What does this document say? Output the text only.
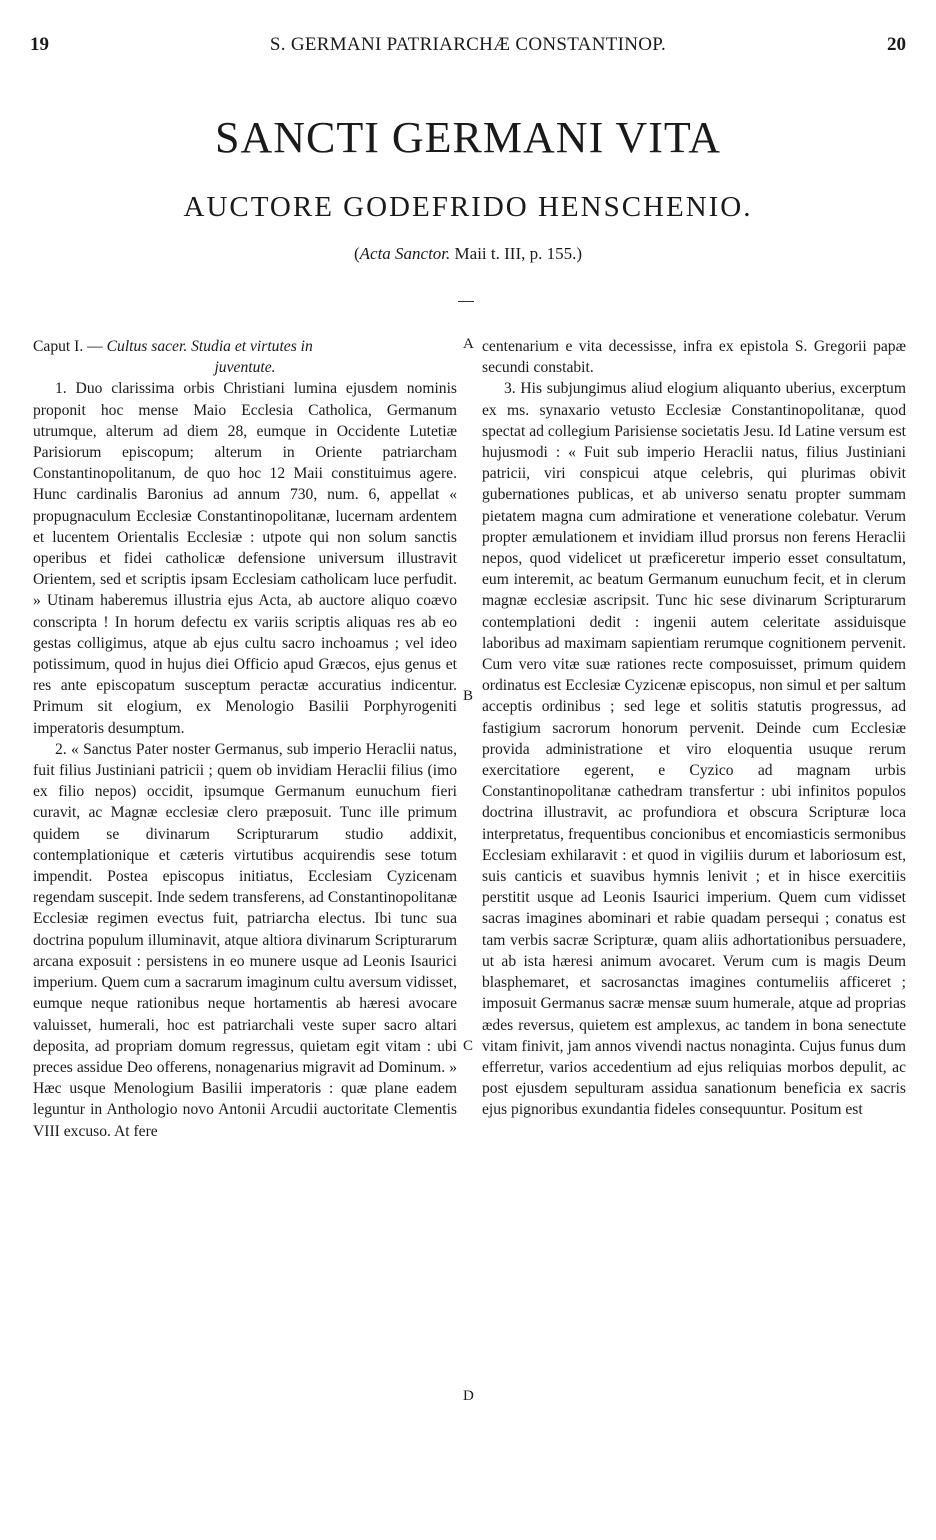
19	S. GERMANI PATRIARCHÆ CONSTANTINOP.	20
SANCTI GERMANI VITA
AUCTORE GODEFRIDO HENSCHENIO.
(Acta Sanctor. Maii t. III, p. 155.)

Caput I. — Cultus sacer. Studia et virtutes in

juventute.

1. Duo clarissima orbis Christiani lumina ejusdem nominis proponit hoc mense Maio Ecclesia Catholica, Germanum utrumque, alterum ad diem 28, eumque in Occidente Lutetiæ Parisiorum episcopum; alterum in Oriente patriarcham Constantinopolitanum, de quo hoc 12 Maii constituimus agere. Hunc cardinalis Baronius ad annum 730, num. 6, appellat « propugnaculum Ecclesiæ Constantinopolitanæ, lucernam ardentem et lucentem Orientalis Ecclesiæ : utpote qui non solum sanctis operibus et fidei catholicæ defensione universum illustravit Orientem, sed et scriptis ipsam Ecclesiam catholicam luce perfudit. » Utinam haberemus illustria ejus Acta, ab auctore aliquo coævo conscripta ! In horum defectu ex variis scriptis aliquas res ab eo gestas colligimus, atque ab ejus cultu sacro inchoamus ; vel ideo potissimum, quod in hujus diei Officio apud Græcos, ejus genus et res ante episcopatum susceptum peractæ accuratius indicentur. Primum sit elogium, ex Menologio Basilii Porphyrogeniti imperatoris desumptum.

2. « Sanctus Pater noster Germanus, sub imperio Heraclii natus, fuit filius Justiniani patricii ; quem ob invidiam Heraclii filius (imo ex filio nepos) occidit, ipsumque Germanum eunuchum fieri curavit, ac Magnæ ecclesiæ clero præposuit. Tunc ille primum quidem se divinarum Scripturarum studio addixit, contemplationique et cæteris virtutibus acquirendis sese totum impendit. Postea episcopus initiatus, Ecclesiam Cyzicenam regendam suscepit. Inde sedem transferens, ad Constantinopolitanæ Ecclesiæ regimen evectus fuit, patriarcha electus. Ibi tunc sua doctrina populum illuminavit, atque altiora divinarum Scripturarum arcana exposuit : persistens in eo munere usque ad Leonis Isaurici imperium. Quem cum a sacrarum imaginum cultu aversum vidisset, eumque neque rationibus neque hortamentis ab hæresi avocare valuisset, humerali, hoc est patriarchali veste super sacro altari deposita, ad propriam domum regressus, quietam egit vitam : ubi preces assidue Deo offerens, nonagenarius migravit ad Dominum. » Hæc usque Menologium Basilii imperatoris : quæ plane eadem leguntur in Anthologio novo Antonii Arcudii auctoritate Clementis VIII excuso. At fere

centenarium e vita decessisse, infra ex epistola S. Gregorii papæ secundi constabit.

3. His subjungimus aliud elogium aliquanto uberius, excerptum ex ms. synaxario vetusto Ecclesiæ Constantinopolitanæ, quod spectat ad collegium Parisiense societatis Jesu. Id Latine versum est hujusmodi : « Fuit sub imperio Heraclii natus, filius Justiniani patricii, viri conspicui atque celebris, qui plurimas obivit gubernationes publicas, et ab universo senatu propter summam pietatem magna cum admiratione et veneratione colebatur. Verum propter æmulationem et invidiam illud prorsus non ferens Heraclii nepos, quod videlicet ut præficeretur imperio esset consultatum, eum interemit, ac beatum Germanum eunuchum fecit, et in clerum magnæ ecclesiæ ascripsit. Tunc hic sese divinarum Scripturarum contemplationi dedit : ingenii autem celeritate assiduisque laboribus ad maximam sapientiam rerumque cognitionem pervenit. Cum vero vitæ suæ rationes recte composuisset, primum quidem ordinatus est Ecclesiæ Cyzicenæ episcopus, non simul et per saltum acceptis ordinibus ; sed lege et solitis statutis progressus, ad fastigium sacrorum honorum pervenit. Deinde cum Ecclesiæ provida administratione et viro eloquentia usuque rerum exercitatiore egerent, e Cyzico ad magnam urbis Constantinopolitanæ cathedram transfertur : ubi infinitos populos doctrina illustravit, ac profundiora et obscura Scripturæ loca interpretatus, frequentibus concionibus et encomiasticis sermonibus Ecclesiam exhilaravit : et quod in vigiliis durum et laboriosum est, suis canticis et suavibus hymnis lenivit ; et in hisce exercitiis perstitit usque ad Leonis Isaurici imperium. Quem cum vidisset sacras imagines abominari et rabie quadam persequi ; conatus est tam verbis sacræ Scripturæ, quam aliis adhortationibus persuadere, ut ab ista hæresi animum avocaret. Verum cum is magis Deum blasphemaret, et sacrosanctas imagines contumeliis afficeret ; imposuit Germanus sacræ mensæ suum humerale, atque ad proprias ædes reversus, quietem est amplexus, ac tandem in bona senectute vitam finivit, jam annos vivendi nactus nonaginta. Cujus funus dum efferretur, varios accedentium ad ejus reliquias morbos depulit, ac post ejusdem sepulturam assidua sanationum beneficia ex sacris ejus pignoribus exundantia fideles consequuntur. Positum est

A
B
C
D
